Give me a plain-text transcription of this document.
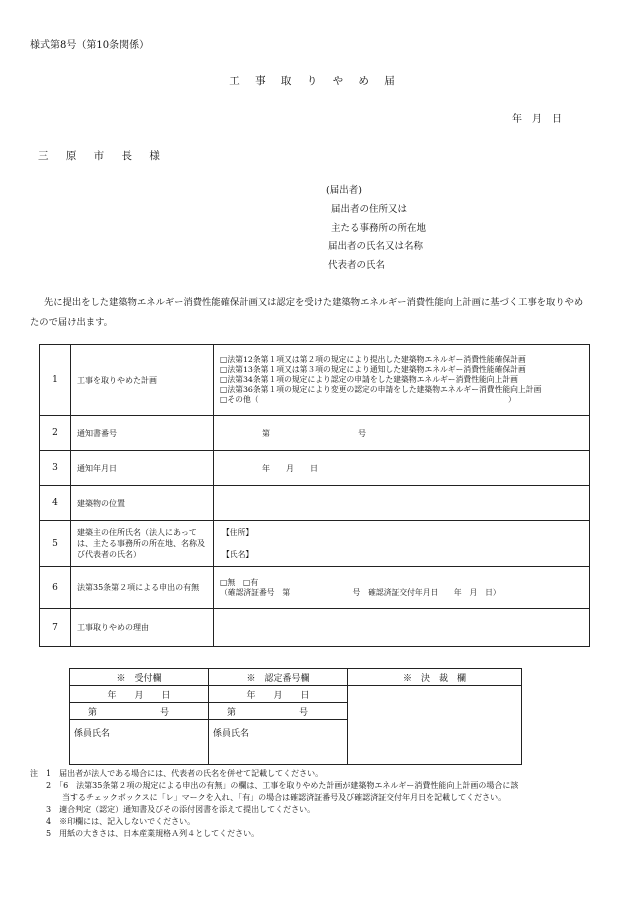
様式第8号（第10条関係）
工 事 取 り や め 届
年　月　日
三 原 市 長 様
(届出者)
届出者の住所又は
主たる事務所の所在地
届出者の氏名又は名称
代表者の氏名
先に提出をした建築物エネルギー消費性能確保計画又は認定を受けた建築物エネルギー消費性能向上計画に基づく工事を取りやめたので届け出ます。
1	工事を取りやめた計画	□法第12条第１項又は第２項の規定により提出した建築物エネルギー消費性能確保計画
□法第13条第１項又は第３項の規定により通知した建築物エネルギー消費性能確保計画
□法第34条第１項の規定により認定の申請をした建築物エネルギー消費性能向上計画
□法第36条第１項の規定により変更の認定の申請をした建築物エネルギー消費性能向上計画
□その他（　　　　　　　　　　　　　　　　　　　　　　　　　　　　　　　　）

2	通知書番号	第　　　　　　　　　　　号
3	通知年月日	年　　月　　日
4	建築物の位置	
5	建築主の住所氏名（法人にあっては、主たる事務所の所在地、名称及び代表者の氏名）	【住所】
【氏名】

6	法第35条第２項による申出の有無	□無　□有
（確認済証番号　第　　　　　　　　号　確認済証交付年月日　　年　月　日）

7	工事取りやめの理由	
※　受付欄	※　認定番号欄	※　決　裁　欄
年　　月　　日	年　　月　　日	
第　　　　　　　号	第　　　　　　　号	
係員氏名	係員氏名	
注　1　届出者が法人である場合には、代表者の氏名を併せて記載してください。
　　2　「6　法第35条第２項の規定による申出の有無」の欄は、工事を取りやめた計画が建築物エネルギー消費性能向上計画の場合に該
　　　　当するチェックボックスに「レ」マークを入れ、「有」の場合は確認済証番号及び確認済証交付年月日を記載してください。
　　3　適合判定（認定）通知書及びその添付図書を添えて提出してください。
　　4　※印欄には、記入しないでください。
　　5　用紙の大きさは、日本産業規格Ａ列４としてください。
